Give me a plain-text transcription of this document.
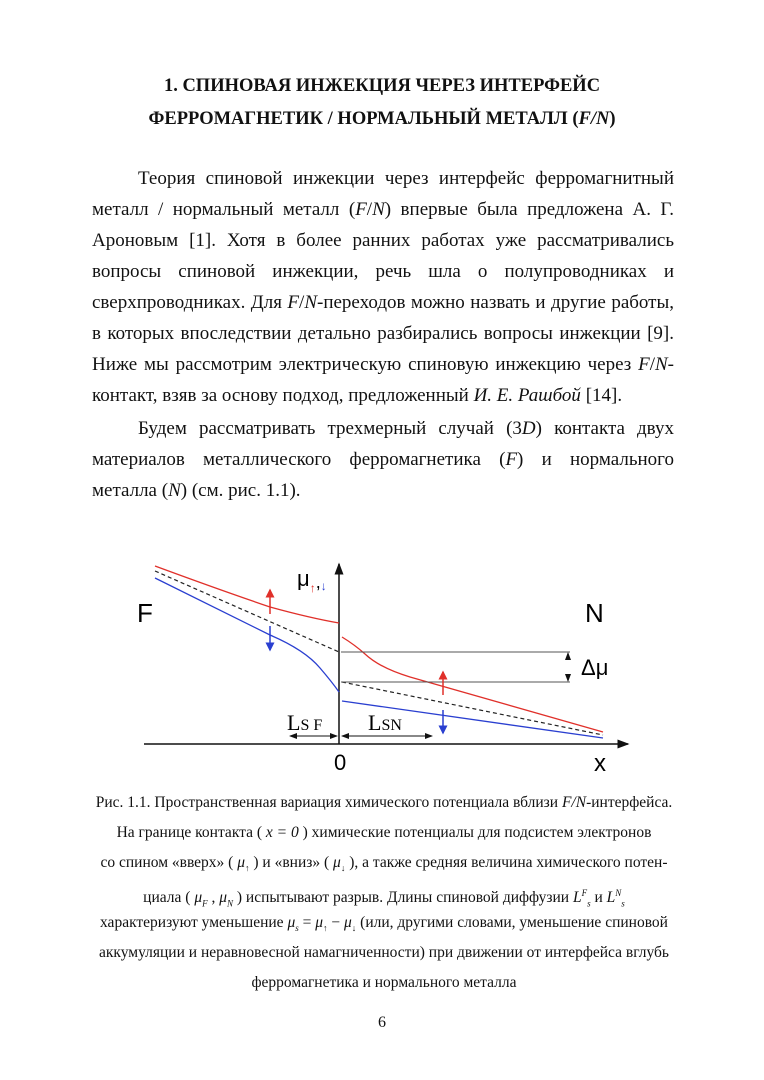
1. СПИНОВАЯ ИНЖЕКЦИЯ ЧЕРЕЗ ИНТЕРФЕЙС
ФЕРРОМАГНЕТИК / НОРМАЛЬНЫЙ МЕТАЛЛ (F/N)

Теория спиновой инжекции через интерфейс ферромагнитный металл / нормальный металл (F/N) впервые была предложена А. Г. Ароновым [1]. Хотя в более ранних работах уже рассматривались вопросы спиновой инжекции, речь шла о полупроводниках и сверхпроводниках. Для F/N-переходов можно назвать и другие работы, в которых впоследствии детально разбирались вопросы инжекции [9]. Ниже мы рассмотрим электрическую спиновую инжекцию через F/N-контакт, взяв за основу подход, предложенный И. Е. Рашбой [14].

Будем рассматривать трехмерный случай (3D) контакта двух материалов металлического ферромагнетика (F) и нормального металла (N) (см. рис. 1.1).

F	N
$\mu_↑,↓$
x
0
Δμ
LS F LSN
Рис. 1.1. Пространственная вариация химического потенциала вблизи F/N-интерфейса.
На границе контакта ( x = 0 ) химические потенциалы для подсистем электронов
со спином «вверх» ( $\mu_↑$ ) и «вниз» ( $\mu_↓$ ), а также средняя величина химического потен-
циала ( $\mu_F$ , $\mu_N$ ) испытывают разрыв. Длины спиновой диффузии $L^F_s$ и $L^N_s$
характеризуют уменьшение $\mu_s = \mu_↑ - \mu_↓$ (или, другими словами, уменьшение спиновой
аккумуляции и неравновесной намагниченности) при движении от интерфейса вглубь
ферромагнетика и нормального металла
6
